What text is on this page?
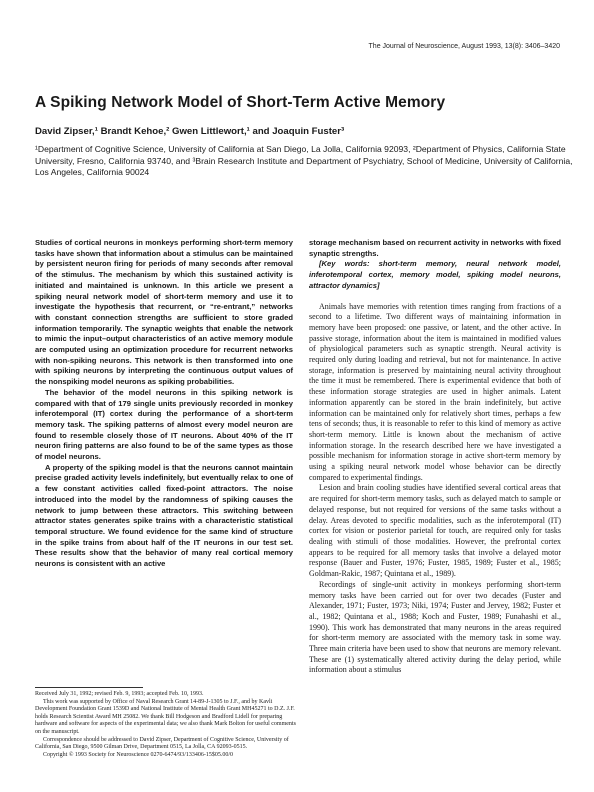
The Journal of Neuroscience, August 1993, 13(8): 3406–3420
A Spiking Network Model of Short-Term Active Memory
David Zipser,¹ Brandt Kehoe,² Gwen Littlewort,¹ and Joaquin Fuster³
¹Department of Cognitive Science, University of California at San Diego, La Jolla, California 92093, ²Department of Physics, California State University, Fresno, California 93740, and ³Brain Research Institute and Department of Psychiatry, School of Medicine, University of California, Los Angeles, California 90024

Studies of cortical neurons in monkeys performing short-term memory tasks have shown that information about a stimulus can be maintained by persistent neuron firing for periods of many seconds after removal of the stimulus. The mechanism by which this sustained activity is initiated and maintained is unknown. In this article we present a spiking neural network model of short-term memory and use it to investigate the hypothesis that recurrent, or “re-entrant,” networks with constant connection strengths are sufficient to store graded information temporarily. The synaptic weights that enable the network to mimic the input–output characteristics of an active memory module are computed using an optimization procedure for recurrent networks with non-spiking neurons. This network is then transformed into one with spiking neurons by interpreting the continuous output values of the nonspiking model neurons as spiking probabilities.

The behavior of the model neurons in this spiking network is compared with that of 179 single units previously recorded in monkey inferotemporal (IT) cortex during the performance of a short-term memory task. The spiking patterns of almost every model neuron are found to resemble closely those of IT neurons. About 40% of the IT neuron firing patterns are also found to be of the same types as those of model neurons.

A property of the spiking model is that the neurons cannot maintain precise graded activity levels indefinitely, but eventually relax to one of a few constant activities called fixed-point attractors. The noise introduced into the model by the randomness of spiking causes the network to jump between these attractors. This switching between attractor states generates spike trains with a characteristic statistical temporal structure. We found evidence for the same kind of structure in the spike trains from about half of the IT neurons in our test set. These results show that the behavior of many real cortical memory neurons is consistent with an active

storage mechanism based on recurrent activity in networks with fixed synaptic strengths.

[Key words: short-term memory, neural network model, inferotemporal cortex, memory model, spiking model neurons, attractor dynamics]

Animals have memories with retention times ranging from fractions of a second to a lifetime. Two different ways of maintaining information in memory have been proposed: one passive, or latent, and the other active. In passive storage, information about the item is maintained in modified values of physiological parameters such as synaptic strength. Neural activity is required only during loading and retrieval, but not for maintenance. In active storage, information is preserved by maintaining neural activity throughout the time it must be remembered. There is experimental evidence that both of these information storage strategies are used in higher animals. Latent information apparently can be stored in the brain indefinitely, but active information can be maintained only for relatively short times, perhaps a few tens of seconds; thus, it is reasonable to refer to this kind of memory as active short-term memory. Little is known about the mechanism of active information storage. In the research described here we have investigated a possible mechanism for information storage in active short-term memory by using a spiking neural network model whose behavior can be directly compared to experimental findings.

Lesion and brain cooling studies have identified several cortical areas that are required for short-term memory tasks, such as delayed match to sample or delayed response, but not required for versions of the same tasks without a delay. Areas devoted to specific modalities, such as the inferotemporal (IT) cortex for vision or posterior parietal for touch, are required only for tasks dealing with stimuli of those modalities. However, the prefrontal cortex appears to be required for all memory tasks that involve a delayed motor response (Bauer and Fuster, 1976; Fuster, 1985, 1989; Fuster et al., 1985; Goldman-Rakic, 1987; Quintana et al., 1989).

Recordings of single-unit activity in monkeys performing short-term memory tasks have been carried out for over two decades (Fuster and Alexander, 1971; Fuster, 1973; Niki, 1974; Fuster and Jervey, 1982; Fuster et al., 1982; Quintana et al., 1988; Koch and Fuster, 1989; Funahashi et al., 1990). This work has demonstrated that many neurons in the areas required for short-term memory are associated with the memory task in some way. Three main criteria have been used to show that neurons are memory relevant. These are (1) systematically altered activity during the delay period, while information about a stimulus

Received July 31, 1992; revised Feb. 9, 1993; accepted Feb. 10, 1993.

This work was supported by Office of Naval Research Grant 14-89-J-1305 to J.F., and by Kavli Development Foundation Grant 1539D and National Institute of Mental Health Grant MH45271 to D.Z. J.F. holds Research Scientist Award MH 25082. We thank Bill Hodgeson and Bradford Lidell for preparing hardware and software for aspects of the experimental data; we also thank Mark Bolton for useful comments on the manuscript.

Correspondence should be addressed to David Zipser, Department of Cognitive Science, University of California, San Diego, 9500 Gilman Drive, Department 0515, La Jolla, CA 92093-0515.

Copyright © 1993 Society for Neuroscience 0270-6474/93/133406-15$05.00/0
